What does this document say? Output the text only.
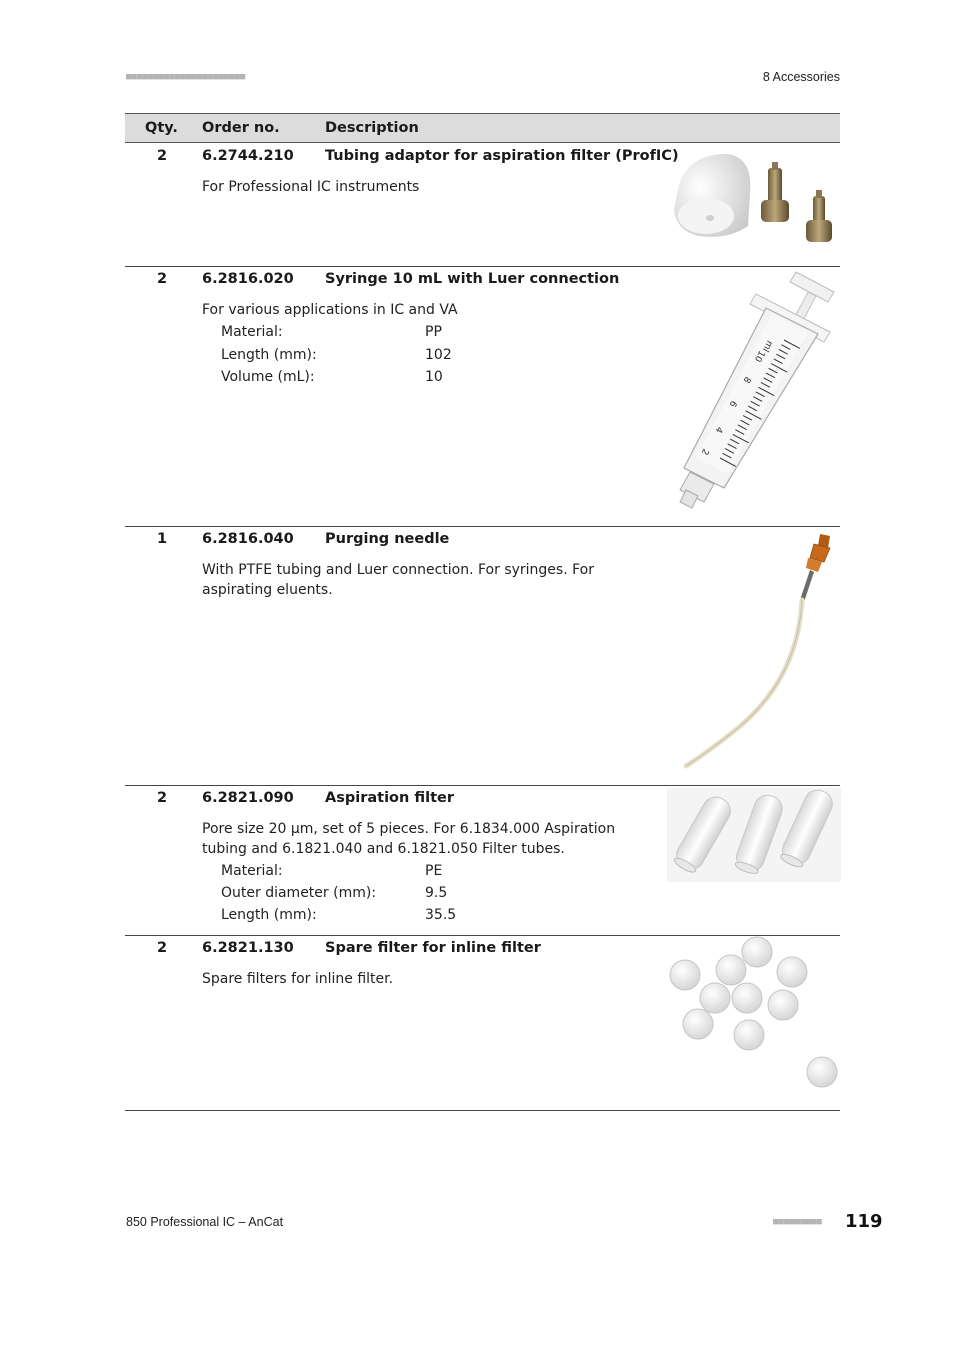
■■■■■■■■■■■■■■■■■■■■■■	8 Accessories
Qty. Order no.	Description
2 6.2744.210 Tubing adaptor for aspiration filter (ProfIC)
For Professional IC instruments
2 6.2816.020 Syringe 10 mL with Luer connection
For various applications in IC and VA
Material:	PP
Length (mm):	102
Volume (mL):	10
10
8
6
4
2
ml
1 6.2816.040 Purging needle
With PTFE tubing and Luer connection. For syringes. For aspirating eluents.
2 6.2821.090 Aspiration filter
Pore size 20 µm, set of 5 pieces. For 6.1834.000 Aspiration tubing and 6.1821.040 and 6.1821.050 Filter tubes.
Material:	PE
Outer diameter (mm):	9.5
Length (mm):	35.5
2 6.2821.130 Spare filter for inline filter
Spare filters for inline filter.
850 Professional IC – AnCat	■■■■■■■■■ 119
